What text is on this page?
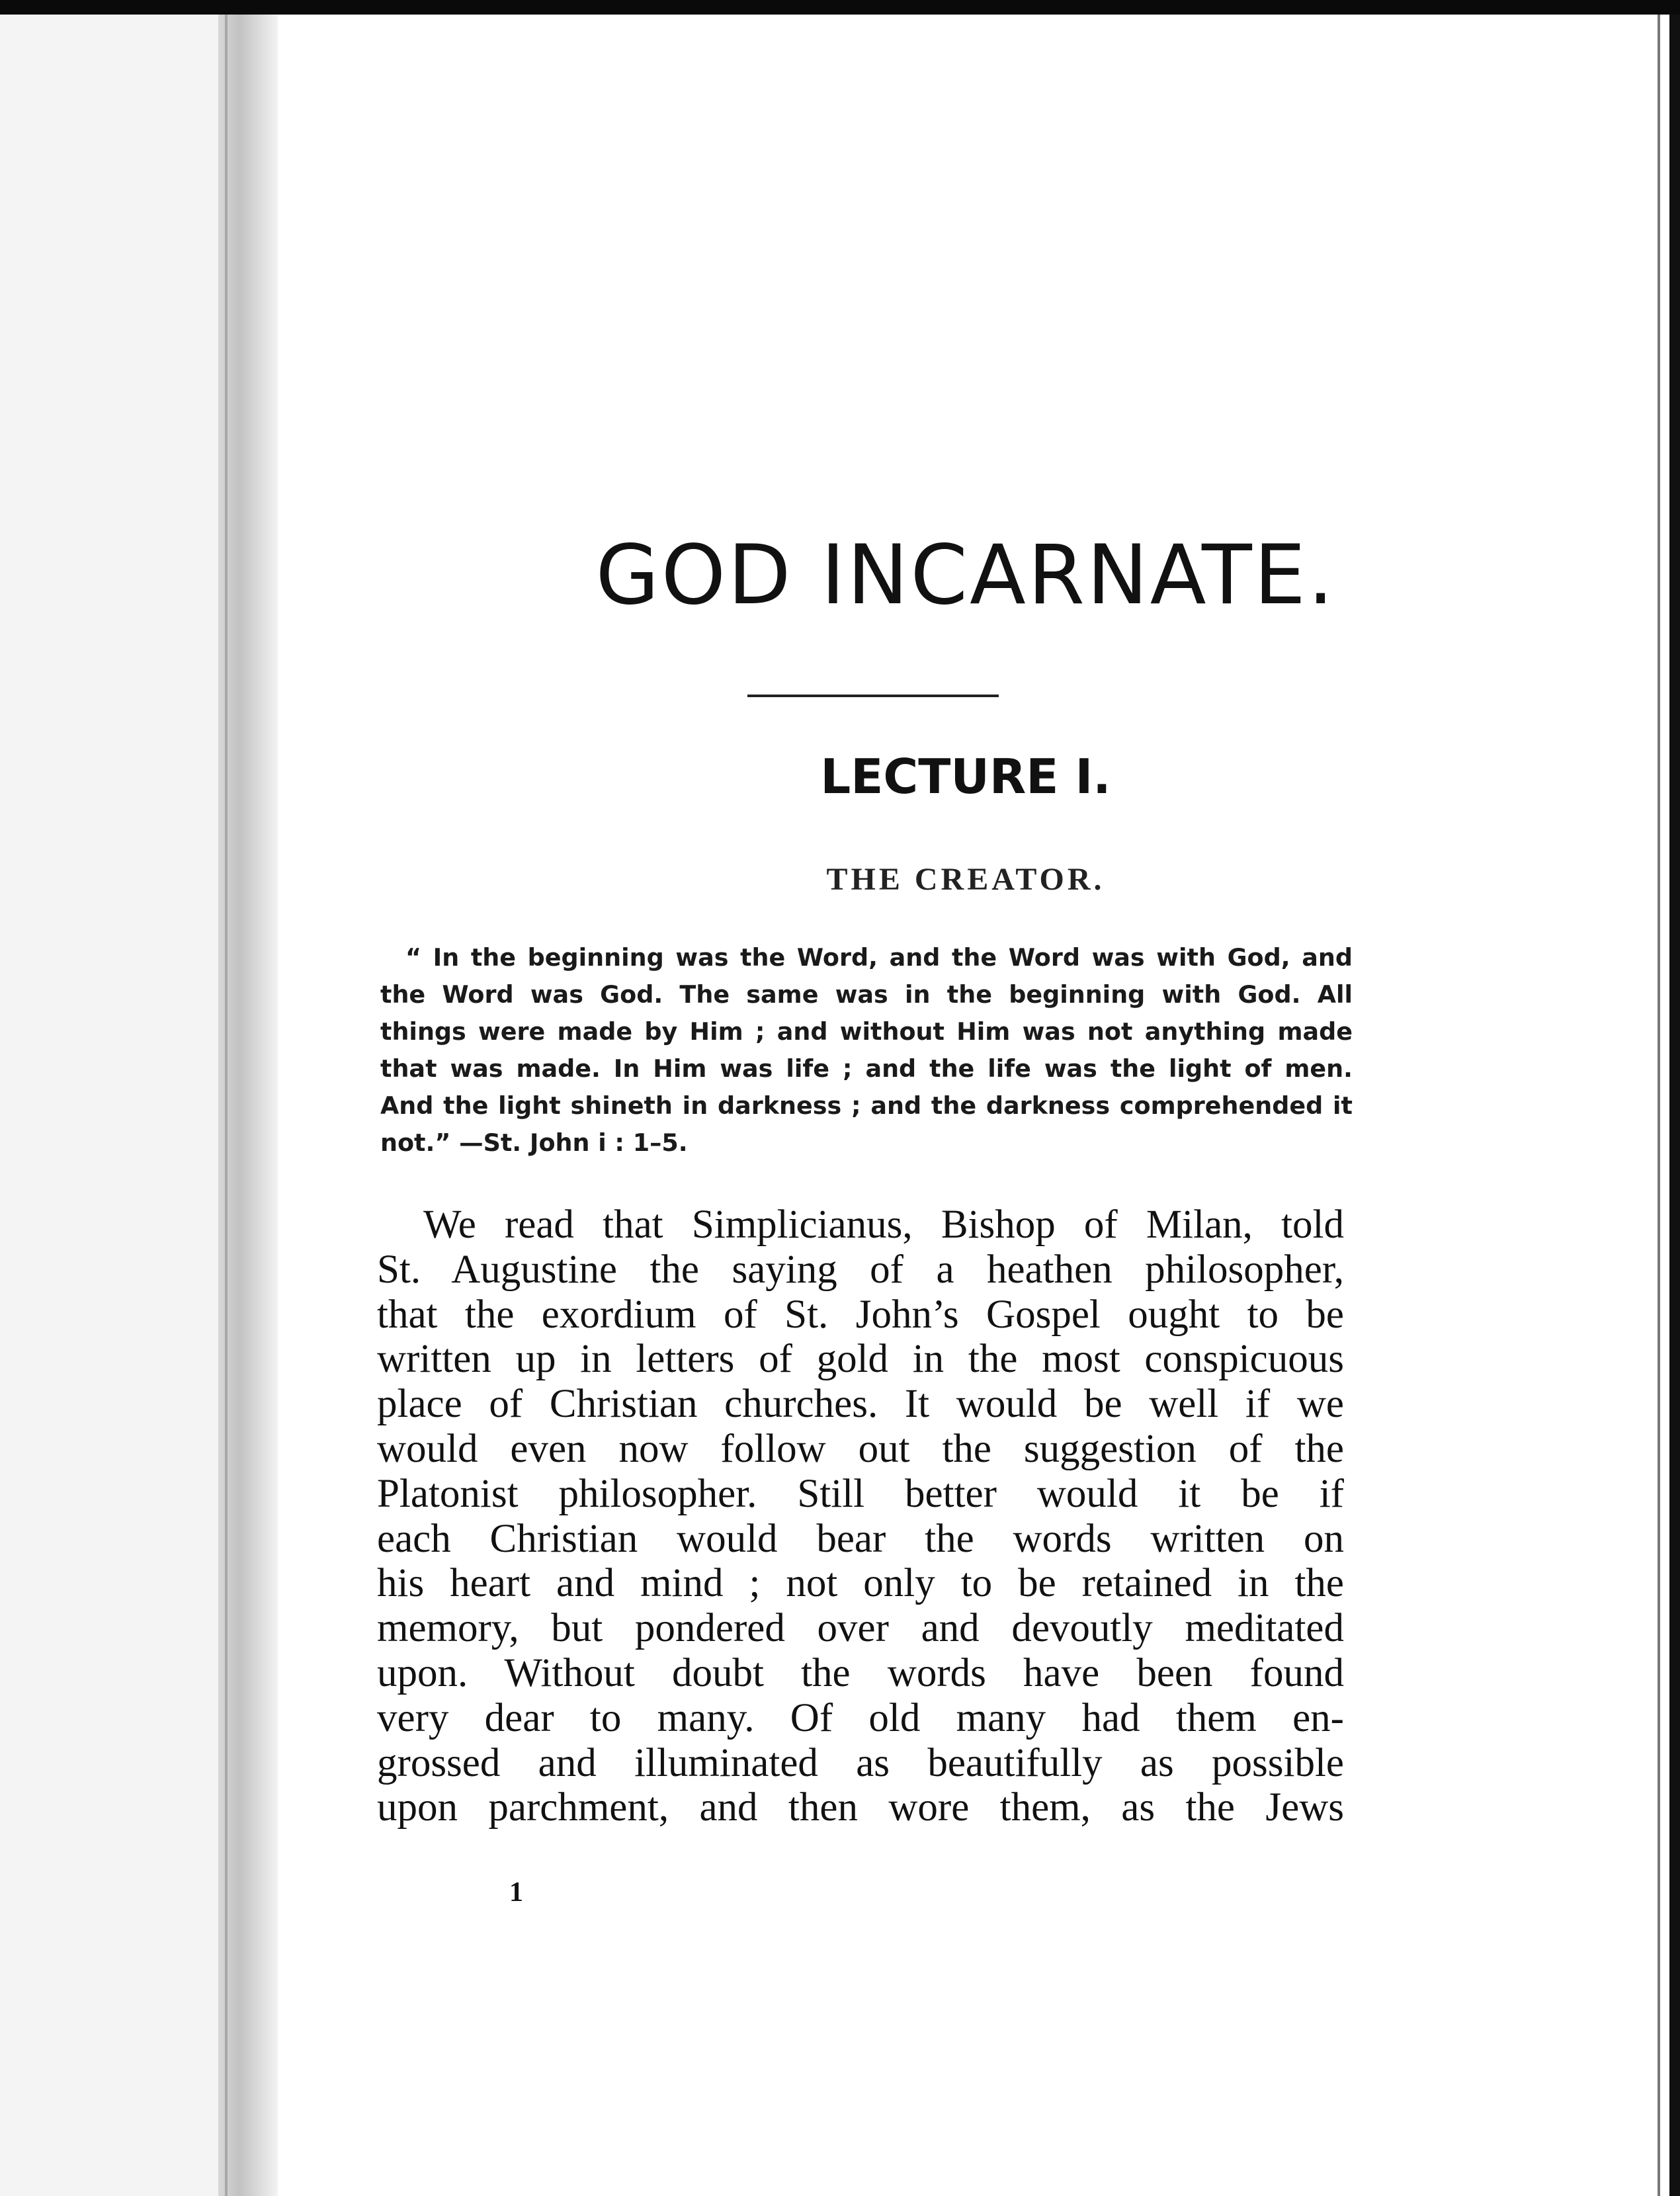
GOD INCARNATE.
LECTURE I.
THE CREATOR.
“ In the beginning was the Word, and the Word was with God, and
the Word was God. The same was in the beginning with God. All
things were made by Him ; and without Him was not anything made
that was made. In Him was life ; and the life was the light of men.
And the light shineth in darkness ; and the darkness comprehended it
not.” —St. John i : 1–5.
We read that Simplicianus, Bishop of Milan, told
St. Augustine the saying of a heathen philosopher,
that the exordium of St. John’s Gospel ought to be
written up in letters of gold in the most conspicuous
place of Christian churches. It would be well if we
would even now follow out the suggestion of the
Platonist philosopher. Still better would it be if
each Christian would bear the words written on
his heart and mind ; not only to be retained in the
memory, but pondered over and devoutly meditated
upon. Without doubt the words have been found
very dear to many. Of old many had them en-
grossed and illuminated as beautifully as possible
upon parchment, and then wore them, as the Jews

1
